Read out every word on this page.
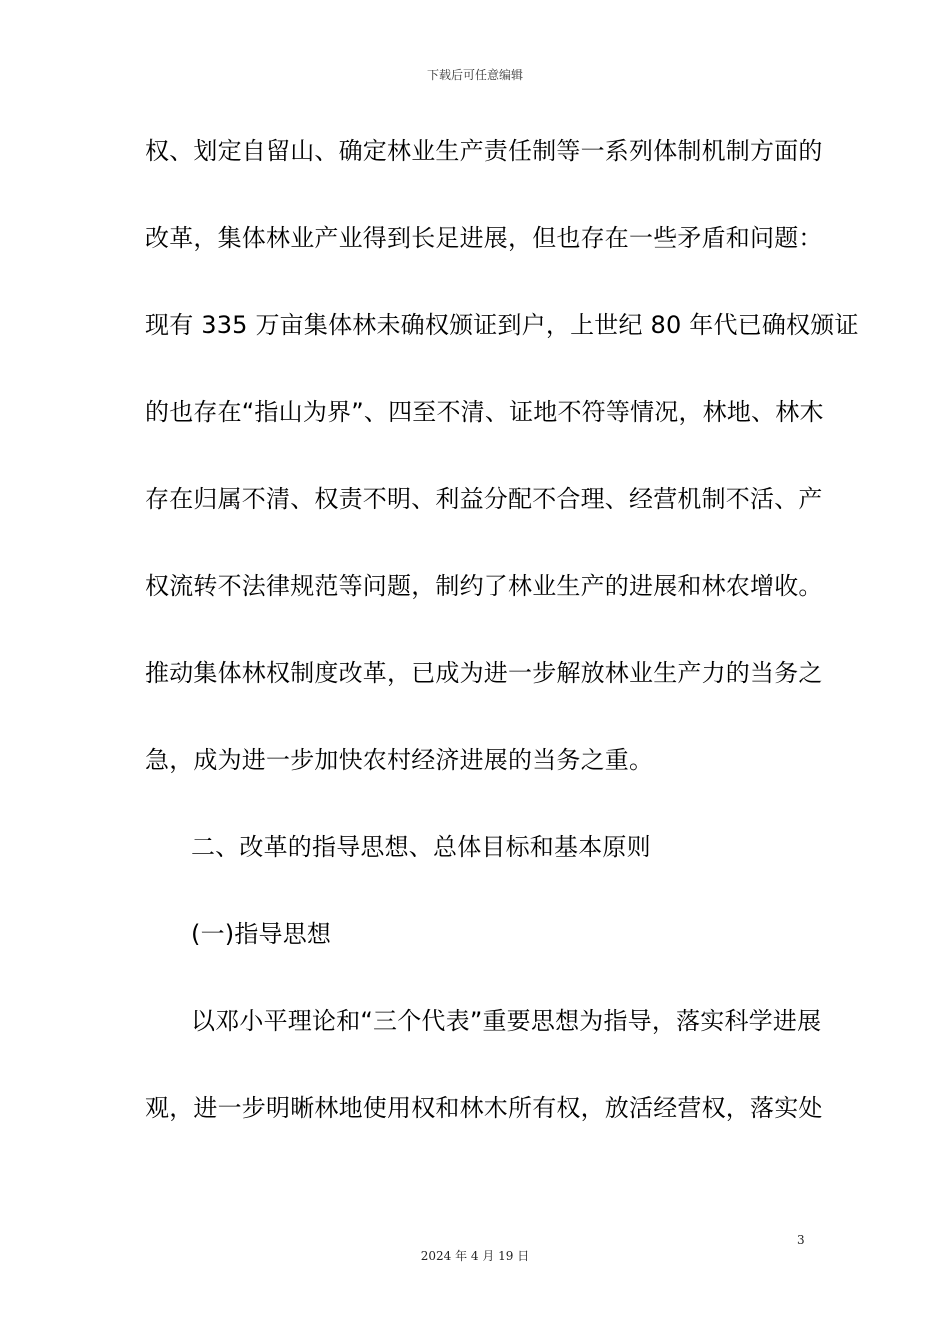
下载后可任意编辑
权、划定自留山、确定林业生产责任制等一系列体制机制方面的
改革，集体林业产业得到长足进展，但也存在一些矛盾和问题：
现有 335 万亩集体林未确权颁证到户，上世纪 80 年代已确权颁证
的也存在“指山为界”、四至不清、证地不符等情况，林地、林木
存在归属不清、权责不明、利益分配不合理、经营机制不活、产
权流转不法律规范等问题，制约了林业生产的进展和林农增收。
推动集体林权制度改革，已成为进一步解放林业生产力的当务之
急，成为进一步加快农村经济进展的当务之重。
二、改革的指导思想、总体目标和基本原则
(一)指导思想
以邓小平理论和“三个代表”重要思想为指导，落实科学进展
观，进一步明晰林地使用权和林木所有权，放活经营权，落实处
3
2024 年 4 月 19 日
